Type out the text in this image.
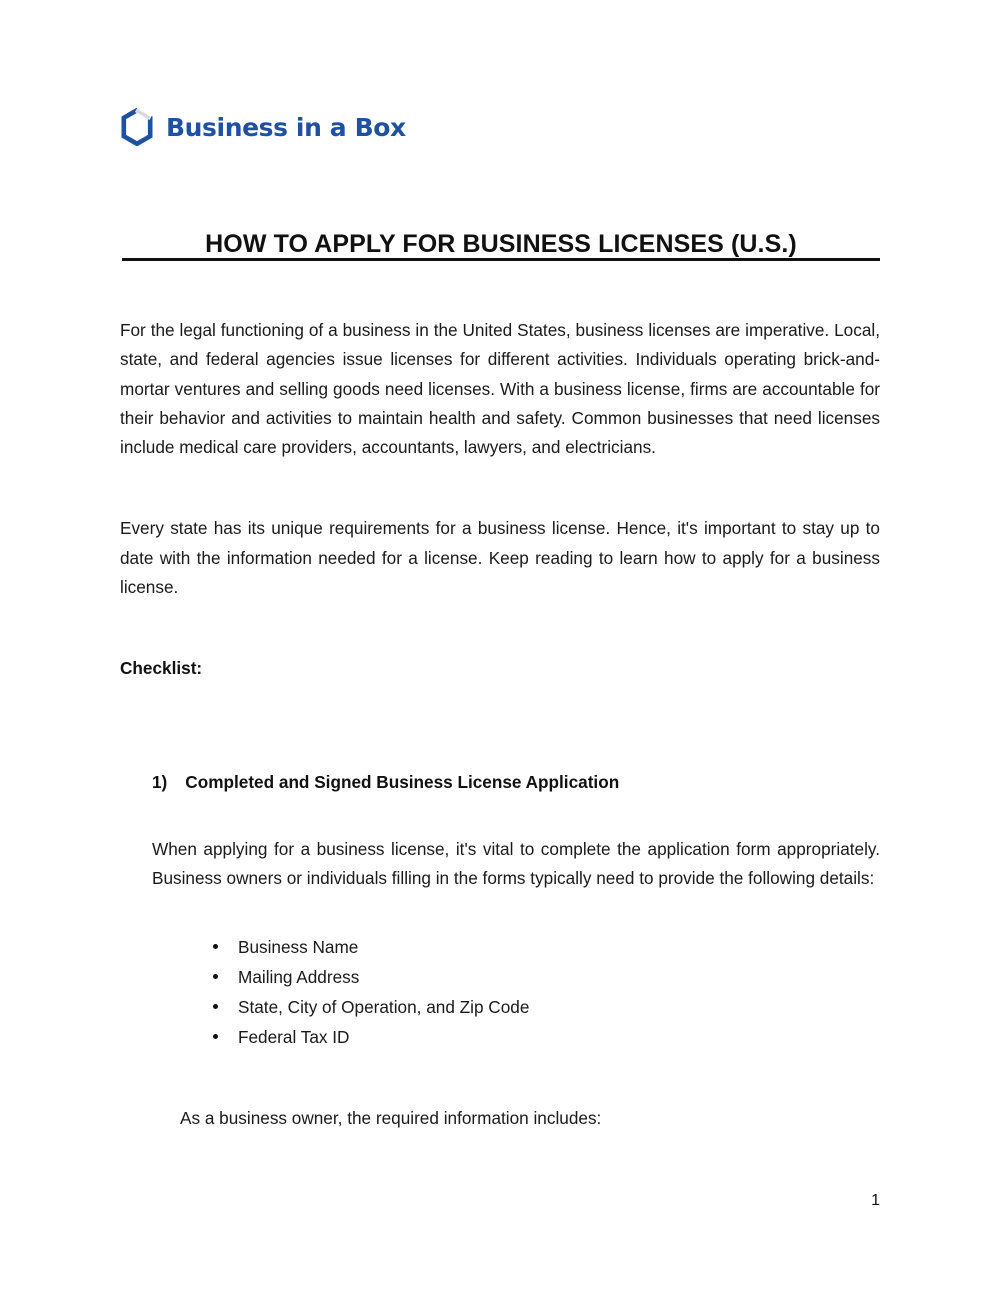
Business in a Box
HOW TO APPLY FOR BUSINESS LICENSES (U.S.)

For the legal functioning of a business in the United States, business licenses are imperative. Local, state, and federal agencies issue licenses for different activities. Individuals operating brick-and-mortar ventures and selling goods need licenses. With a business license, firms are accountable for their behavior and activities to maintain health and safety. Common businesses that need licenses include medical care providers, accountants, lawyers, and electricians.

Every state has its unique requirements for a business license. Hence, it's important to stay up to date with the information needed for a license. Keep reading to learn how to apply for a business license.

Checklist:

1) Completed and Signed Business License Application

When applying for a business license, it's vital to complete the application form appropriately. Business owners or individuals filling in the forms typically need to provide the following details:

Business Name
Mailing Address
State, City of Operation, and Zip Code
Federal Tax ID

As a business owner, the required information includes:

1
